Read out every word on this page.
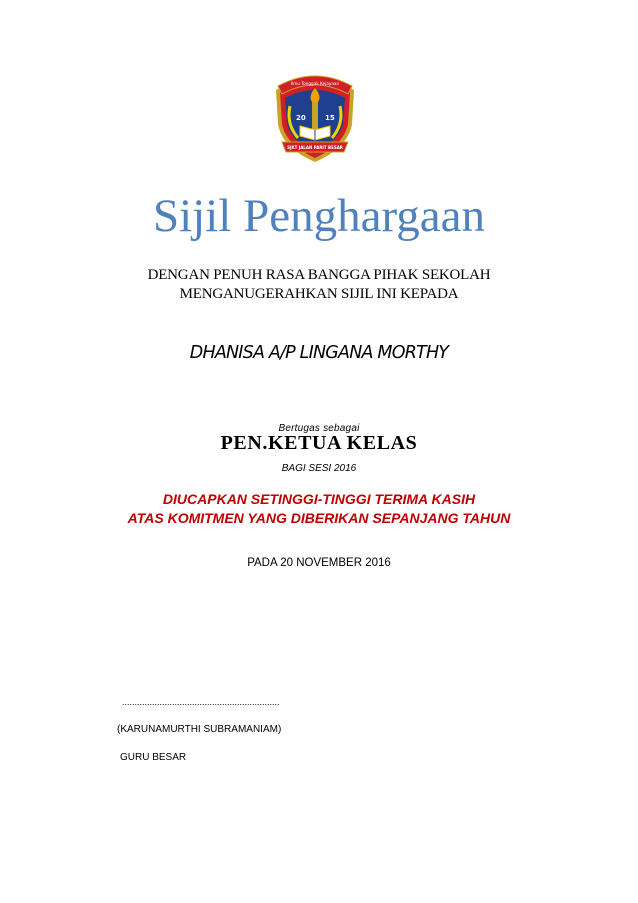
20	15
Ilmu Tonggak Kejayaan
SJKT JALAN PARIT BESAR
Sijil Penghargaan
DENGAN PENUH RASA BANGGA PIHAK SEKOLAH
MENGANUGERAHKAN SIJIL INI KEPADA
DHANISA A/P LINGANA MORTHY
Bertugas sebagai
PEN.KETUA KELAS
BAGI SESI 2016
DIUCAPKAN SETINGGI-TINGGI TERIMA KASIH
ATAS KOMITMEN YANG DIBERIKAN SEPANJANG TAHUN
PADA 20 NOVEMBER 2016
...............................................................
(KARUNAMURTHI SUBRAMANIAM)
GURU BESAR
